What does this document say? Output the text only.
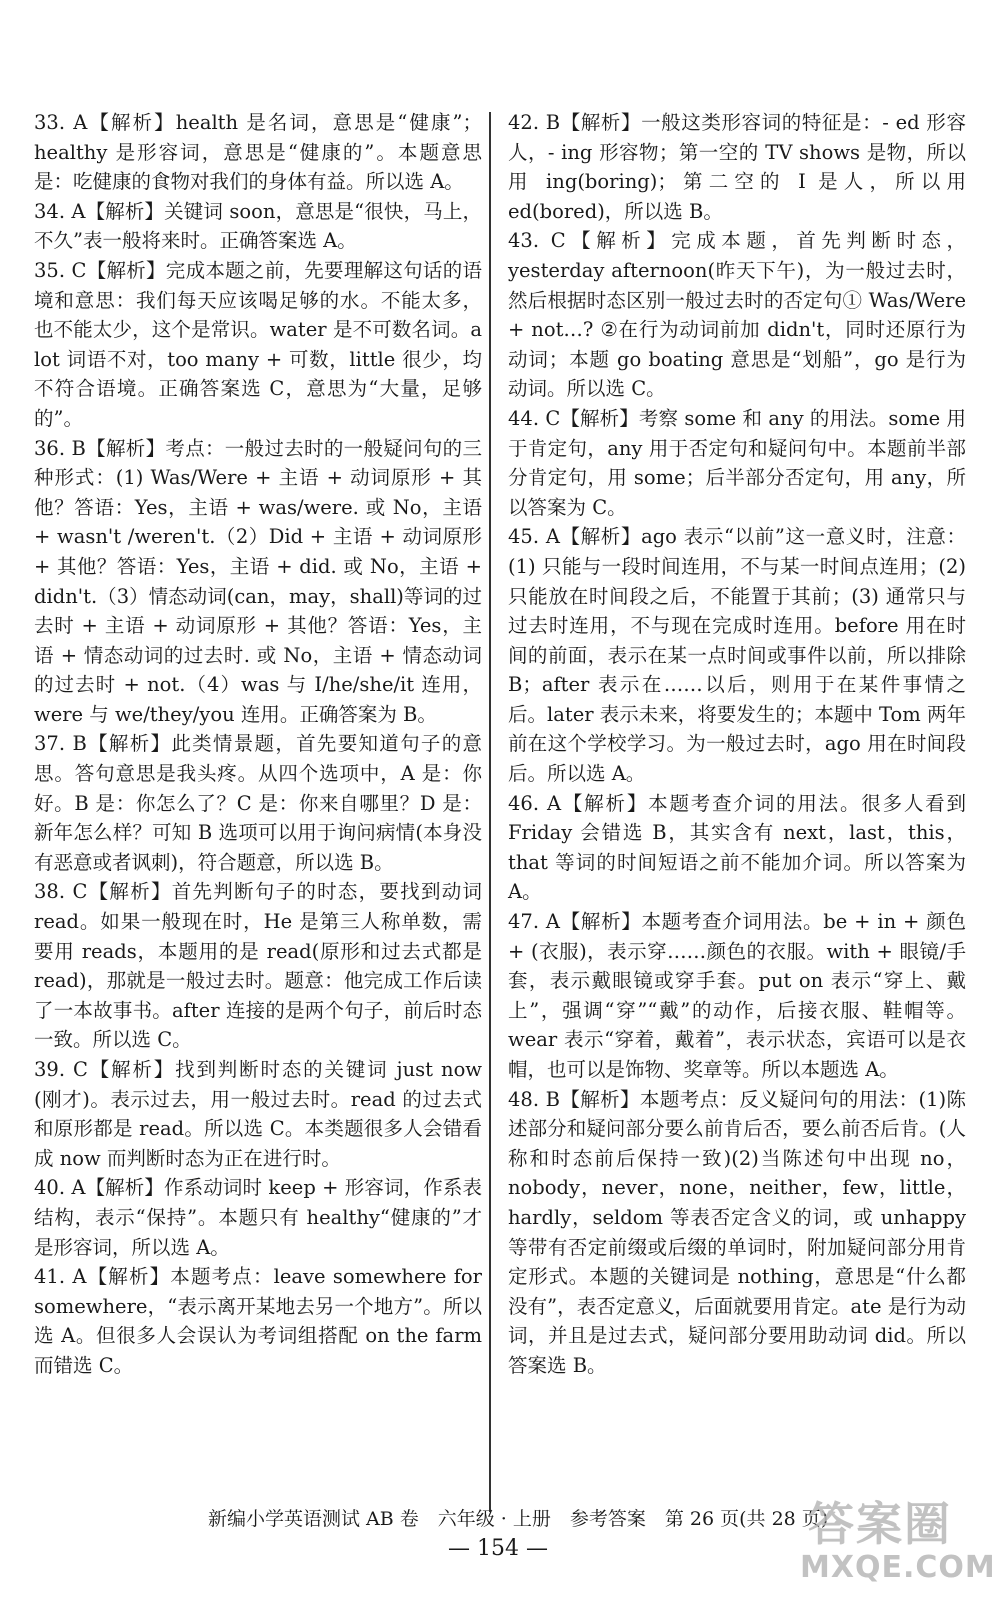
33. A【解析】health 是名词，意思是“健康”；healthy 是形容词，意思是“健康的”。本题意思是：吃健康的食物对我们的身体有益。所以选 A。

34. A【解析】关键词 soon，意思是“很快，马上，不久”表一般将来时。正确答案选 A。

35. C【解析】完成本题之前，先要理解这句话的语境和意思：我们每天应该喝足够的水。不能太多，也不能太少，这个是常识。water 是不可数名词。a lot 词语不对，too many + 可数，little 很少，均不符合语境。正确答案选 C，意思为“大量，足够的”。

36. B【解析】考点：一般过去时的一般疑问句的三种形式：(1) Was/Were + 主语 + 动词原形 + 其他？答语：Yes，主语 + was/were. 或 No，主语 + wasn't /weren't.（2）Did + 主语 + 动词原形 + 其他？答语：Yes，主语 + did. 或 No，主语 + didn't.（3）情态动词(can，may，shall)等词的过去时 + 主语 + 动词原形 + 其他？答语：Yes，主语 + 情态动词的过去时. 或 No，主语 + 情态动词的过去时 + not.（4）was 与 I/he/she/it 连用，were 与 we/they/you 连用。正确答案为 B。

37. B【解析】此类情景题，首先要知道句子的意思。答句意思是我头疼。从四个选项中，A 是：你好。B 是：你怎么了？C 是：你来自哪里？D 是：新年怎么样？可知 B 选项可以用于询问病情(本身没有恶意或者讽刺)，符合题意，所以选 B。

38. C【解析】首先判断句子的时态，要找到动词 read。如果一般现在时，He 是第三人称单数，需要用 reads，本题用的是 read(原形和过去式都是 read)，那就是一般过去时。题意：他完成工作后读了一本故事书。after 连接的是两个句子，前后时态一致。所以选 C。

39. C【解析】找到判断时态的关键词 just now (刚才)。表示过去，用一般过去时。read 的过去式和原形都是 read。所以选 C。本类题很多人会错看成 now 而判断时态为正在进行时。

40. A【解析】作系动词时 keep + 形容词，作系表结构，表示“保持”。本题只有 healthy“健康的”才是形容词，所以选 A。

41. A【解析】本题考点：leave somewhere for somewhere，“表示离开某地去另一个地方”。所以选 A。但很多人会误认为考词组搭配 on the farm 而错选 C。

42. B【解析】一般这类形容词的特征是：- ed 形容人，- ing 形容物；第一空的 TV shows 是物，所以用 ing(boring)；第二空的 I 是人，所以用 ed(bored)，所以选 B。

43. C【解析】完成本题，首先判断时态，yesterday afternoon(昨天下午)，为一般过去时，然后根据时态区别一般过去时的否定句① Was/Were + not…? ②在行为动词前加 didn't，同时还原行为动词；本题 go boating 意思是“划船”，go 是行为动词。所以选 C。

44. C【解析】考察 some 和 any 的用法。some 用于肯定句，any 用于否定句和疑问句中。本题前半部分肯定句，用 some；后半部分否定句，用 any，所以答案为 C。

45. A【解析】ago 表示“以前”这一意义时，注意：(1) 只能与一段时间连用，不与某一时间点连用；(2) 只能放在时间段之后，不能置于其前；(3) 通常只与过去时连用，不与现在完成时连用。before 用在时间的前面，表示在某一点时间或事件以前，所以排除 B；after 表示在……以后，则用于在某件事情之后。later 表示未来，将要发生的；本题中 Tom 两年前在这个学校学习。为一般过去时，ago 用在时间段后。所以选 A。

46. A【解析】本题考查介词的用法。很多人看到 Friday 会错选 B，其实含有 next，last，this，that 等词的时间短语之前不能加介词。所以答案为 A。

47. A【解析】本题考查介词用法。be + in + 颜色 + (衣服)，表示穿……颜色的衣服。with + 眼镜/手套，表示戴眼镜或穿手套。put on 表示“穿上、戴上”，强调“穿”“戴”的动作，后接衣服、鞋帽等。wear 表示“穿着，戴着”，表示状态，宾语可以是衣帽，也可以是饰物、奖章等。所以本题选 A。

48. B【解析】本题考点：反义疑问句的用法：(1)陈述部分和疑问部分要么前肯后否，要么前否后肯。(人称和时态前后保持一致)(2)当陈述句中出现 no，nobody，never，none，neither，few，little，hardly，seldom 等表否定含义的词，或 unhappy 等带有否定前缀或后缀的单词时，附加疑问部分用肯定形式。本题的关键词是 nothing，意思是“什么都没有”，表否定意义，后面就要用肯定。ate 是行为动词，并且是过去式，疑问部分要用助动词 did。所以答案选 B。

新编小学英语测试 AB 卷　六年级 · 上册　参考答案　第 26 页(共 28 页)
— 154 —	答案圈
MXQE.COM
